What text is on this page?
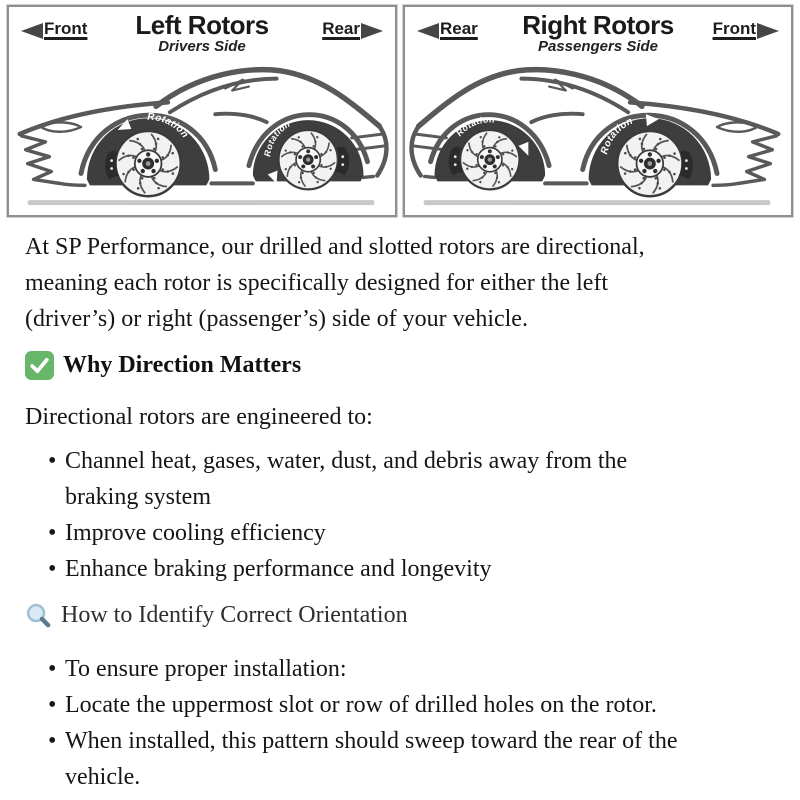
Left Rotors
Drivers Side
Front	Rear
Rotation
Rotation
Right Rotors
Passengers Side
Rear	Front
Rotation
Rotation

At SP Performance, our drilled and slotted rotors are directional,
meaning each rotor is specifically designed for either the left
(driver’s) or right (passenger’s) side of your vehicle.

Why Direction Matters

Directional rotors are engineered to:

•
Channel heat, gases, water, dust, and debris away from the
braking system
•
Improve cooling efficiency
•
Enhance braking performance and longevity
How to Identify Correct Orientation
•
To ensure proper installation:
•
Locate the uppermost slot or row of drilled holes on the rotor.
•
When installed, this pattern should sweep toward the rear of the
vehicle.
